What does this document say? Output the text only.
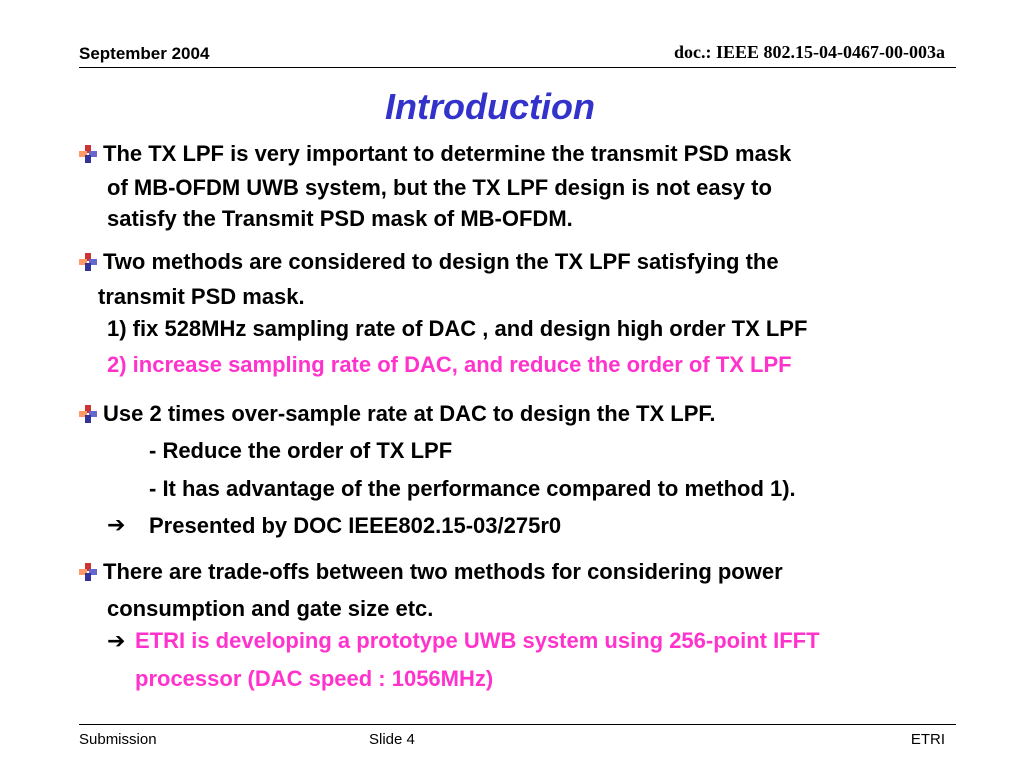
September 2004	doc.: IEEE 802.15-04-0467-00-003a
Introduction
The TX LPF is very important to determine the transmit PSD mask
of MB-OFDM UWB system, but the TX LPF design is not easy to
satisfy the Transmit PSD mask of MB-OFDM.
Two methods are considered to design the TX LPF satisfying the
transmit PSD mask.
1) fix 528MHz sampling rate of DAC , and design high order TX LPF
2) increase sampling rate of DAC, and reduce the order of TX LPF
Use 2 times over-sample rate at DAC to design the TX LPF.
- Reduce the order of TX LPF
- It has advantage of the performance compared to method 1).
➔ Presented by DOC IEEE802.15-03/275r0
There are trade-offs between two methods for considering power
consumption and gate size etc.
➔ ETRI is developing a prototype UWB system using 256-point IFFT
processor (DAC speed : 1056MHz)
Submission	Slide 4	ETRI
